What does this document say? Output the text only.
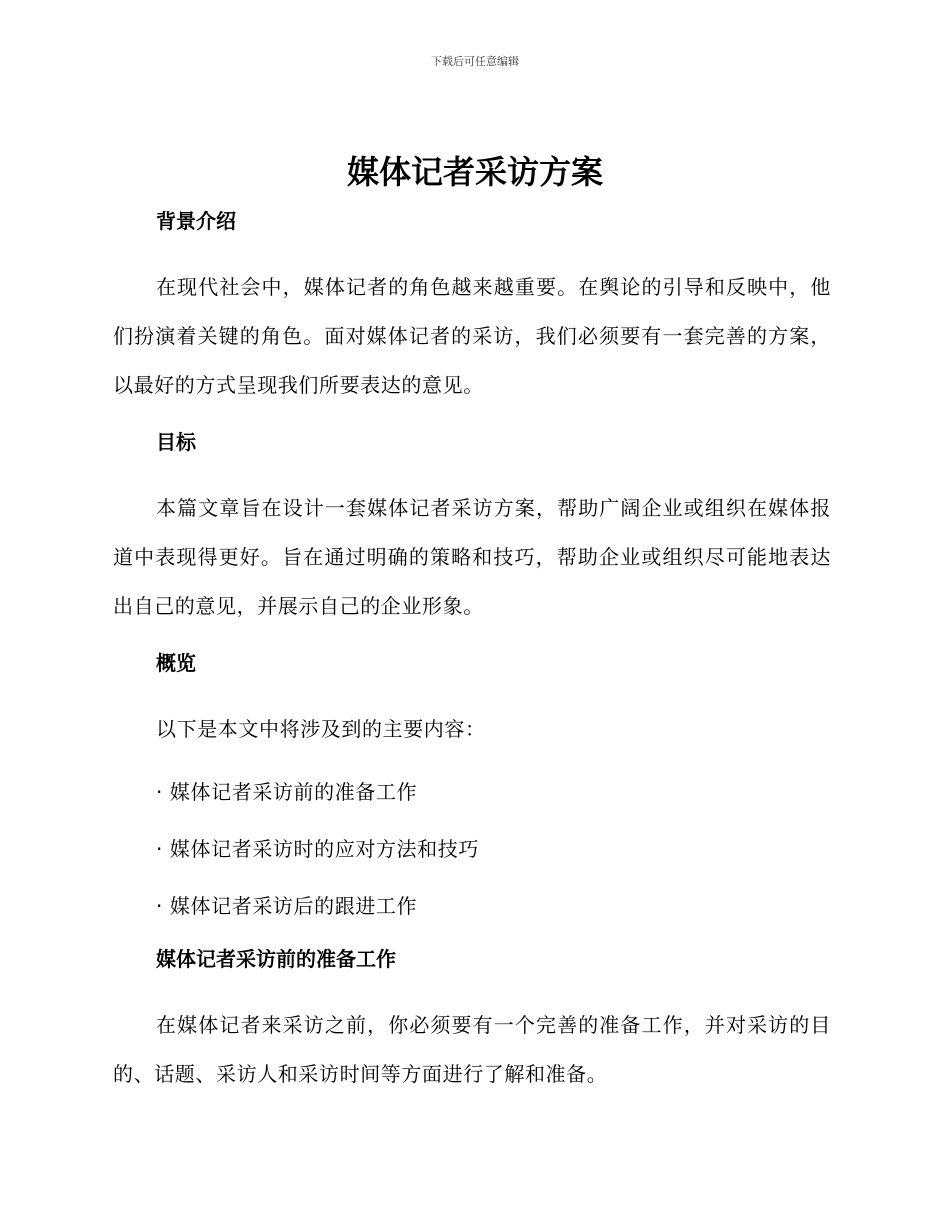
下载后可任意编辑
媒体记者采访方案
背景介绍

在现代社会中，媒体记者的角色越来越重要。在舆论的引导和反映中，他们扮演着关键的角色。面对媒体记者的采访，我们必须要有一套完善的方案，以最好的方式呈现我们所要表达的意见。

目标

本篇文章旨在设计一套媒体记者采访方案，帮助广阔企业或组织在媒体报道中表现得更好。旨在通过明确的策略和技巧，帮助企业或组织尽可能地表达出自己的意见，并展示自己的企业形象。

概览

以下是本文中将涉及到的主要内容：

· 媒体记者采访前的准备工作
· 媒体记者采访时的应对方法和技巧
· 媒体记者采访后的跟进工作
媒体记者采访前的准备工作

在媒体记者来采访之前，你必须要有一个完善的准备工作，并对采访的目的、话题、采访人和采访时间等方面进行了解和准备。
